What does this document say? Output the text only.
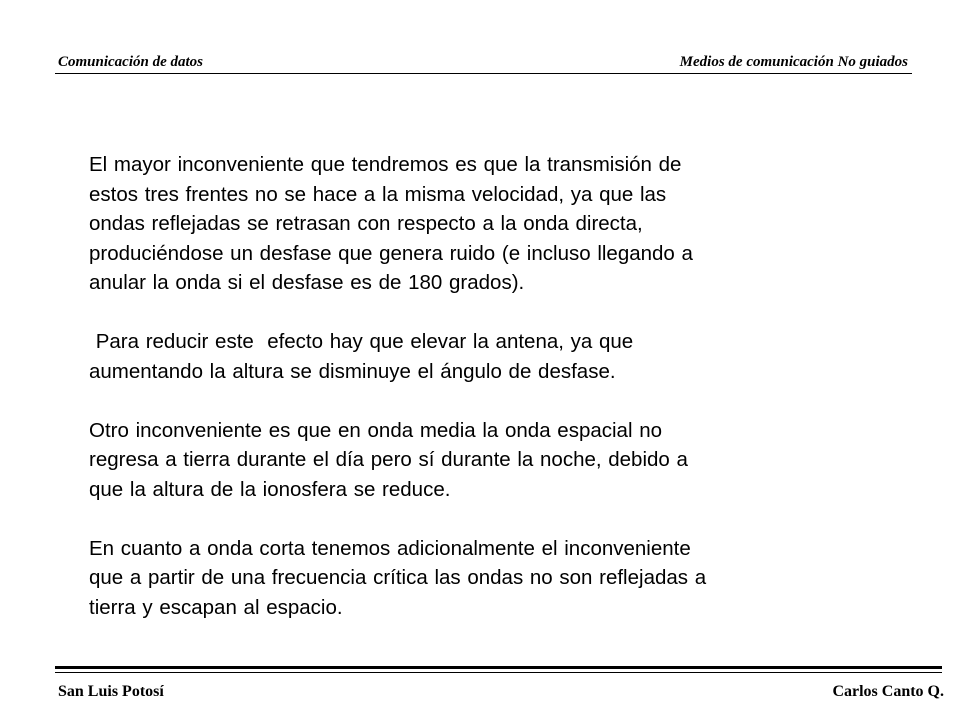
Comunicación de datos	Medios de comunicación No guiados

El mayor inconveniente que tendremos es que la transmisión de

estos tres frentes no se hace a la misma velocidad, ya que las

ondas reflejadas se retrasan con respecto a la onda directa,

produciéndose un desfase que genera ruido (e incluso llegando a

anular la onda si el desfase es de 180 grados).

Para reducir este  efecto hay que elevar la antena, ya que

aumentando la altura se disminuye el ángulo de desfase.

Otro inconveniente es que en onda media la onda espacial no

regresa a tierra durante el día pero sí durante la noche, debido a

que la altura de la ionosfera se reduce.

En cuanto a onda corta tenemos adicionalmente el inconveniente

que a partir de una frecuencia crítica las ondas no son reflejadas a

tierra y escapan al espacio.

San Luis Potosí	Carlos Canto Q.
